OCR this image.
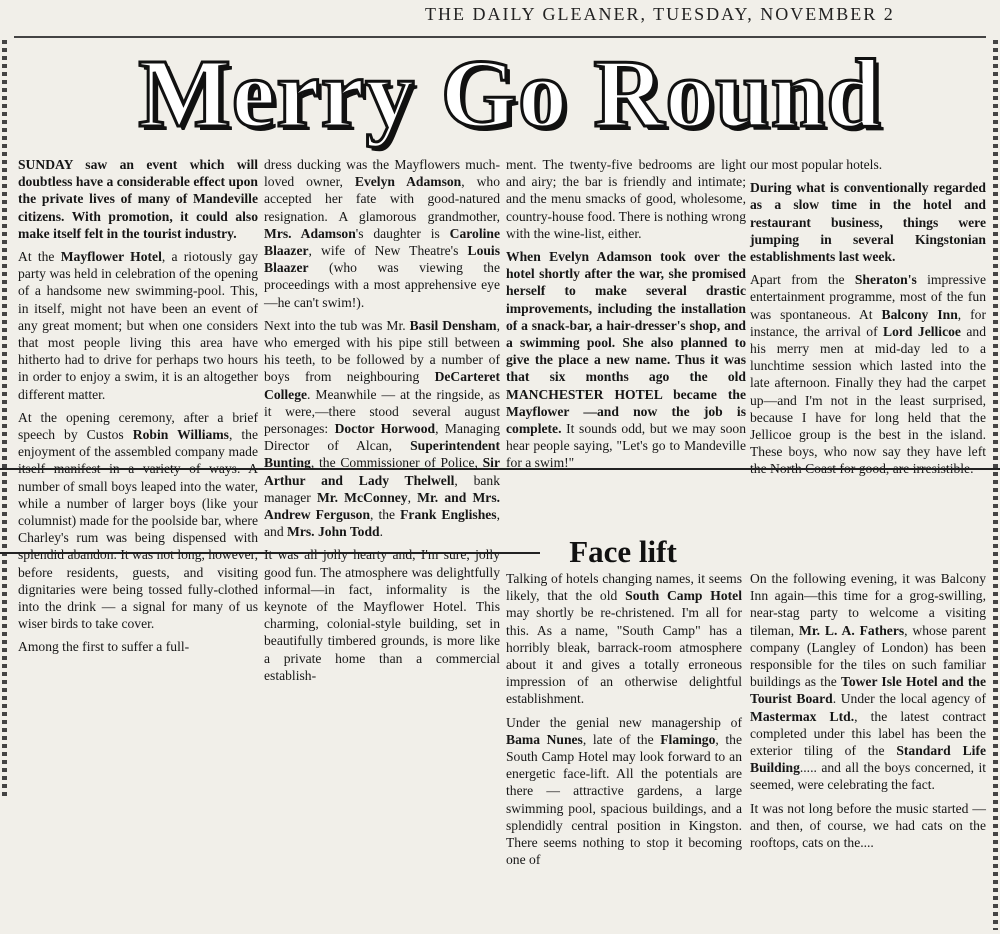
THE DAILY GLEANER, TUESDAY, NOVEMBER 2
Merry Go Round

SUNDAY saw an event which will doubtless have a considerable effect upon the private lives of many of Mandeville citizens. With promotion, it could also make itself felt in the tourist industry.

At the Mayflower Hotel, a riotously gay party was held in celebration of the opening of a handsome new swimming-pool. This, in itself, might not have been an event of any great moment; but when one considers that most people living this area have hitherto had to drive for perhaps two hours in order to enjoy a swim, it is an altogether different matter.

At the opening ceremony, after a brief speech by Custos Robin Williams, the enjoyment of the assembled company made itself manifest in a variety of ways. A number of small boys leaped into the water, while a number of larger boys (like your columnist) made for the poolside bar, where Charley's rum was being dispensed with splendid abandon. It was not long, however, before residents, guests, and visiting dignitaries were being tossed fully-clothed into the drink — a signal for many of us wiser birds to take cover.

Among the first to suffer a full-

dress ducking was the Mayflowers much-loved owner, Evelyn Adamson, who accepted her fate with good-natured resignation. A glamorous grandmother, Mrs. Adamson's daughter is Caroline Blaazer, wife of New Theatre's Louis Blaazer (who was viewing the proceedings with a most apprehensive eye —he can't swim!).

Next into the tub was Mr. Basil Densham, who emerged with his pipe still between his teeth, to be followed by a number of boys from neighbouring DeCarteret College. Meanwhile — at the ringside, as it were,—there stood several august personages: Doctor Horwood, Managing Director of Alcan, Superintendent Bunting, the Commissioner of Police, Sir Arthur and Lady Thelwell, bank manager Mr. McConney, Mr. and Mrs. Andrew Ferguson, the Frank Englishes, and Mrs. John Todd.

It was all jolly hearty and, I'm sure, jolly good fun. The atmosphere was delightfully informal—in fact, informality is the keynote of the Mayflower Hotel. This charming, colonial-style building, set in beautifully timbered grounds, is more like a private home than a commercial establish-

ment. The twenty-five bedrooms are light and airy; the bar is friendly and intimate; and the menu smacks of good, wholesome, country-house food. There is nothing wrong with the wine-list, either.

When Evelyn Adamson took over the hotel shortly after the war, she promised herself to make several drastic improvements, including the installation of a snack-bar, a hair-dresser's shop, and a swimming pool. She also planned to give the place a new name. Thus it was that six months ago the old MANCHESTER HOTEL became the Mayflower —and now the job is complete. It sounds odd, but we may soon hear people saying, "Let's go to Mandeville for a swim!"

our most popular hotels.

During what is conventionally regarded as a slow time in the hotel and restaurant business, things were jumping in several Kingstonian establishments last week.

Apart from the Sheraton's impressive entertainment programme, most of the fun was spontaneous. At Balcony Inn, for instance, the arrival of Lord Jellicoe and his merry men at mid-day led to a lunchtime session which lasted into the late afternoon. Finally they had the carpet up—and I'm not in the least surprised, because I have for long held that the Jellicoe group is the best in the island. These boys, who now say they have left the North Coast for good, are irresistible.

Face lift

Talking of hotels changing names, it seems likely, that the old South Camp Hotel may shortly be re-christened. I'm all for this. As a name, "South Camp" has a horribly bleak, barrack-room atmosphere about it and gives a totally erroneous impression of an otherwise delightful establishment.

Under the genial new managership of Bama Nunes, late of the Flamingo, the South Camp Hotel may look forward to an energetic face-lift. All the potentials are there — attractive gardens, a large swimming pool, spacious buildings, and a splendidly central position in Kingston. There seems nothing to stop it becoming one of

On the following evening, it was Balcony Inn again—this time for a grog-swilling, near-stag party to welcome a visiting tileman, Mr. L. A. Fathers, whose parent company (Langley of London) has been responsible for the tiles on such familiar buildings as the Tower Isle Hotel and the Tourist Board. Under the local agency of Mastermax Ltd., the latest contract completed under this label has been the exterior tiling of the Standard Life Building..... and all the boys concerned, it seemed, were celebrating the fact.

It was not long before the music started — and then, of course, we had cats on the rooftops, cats on the....
